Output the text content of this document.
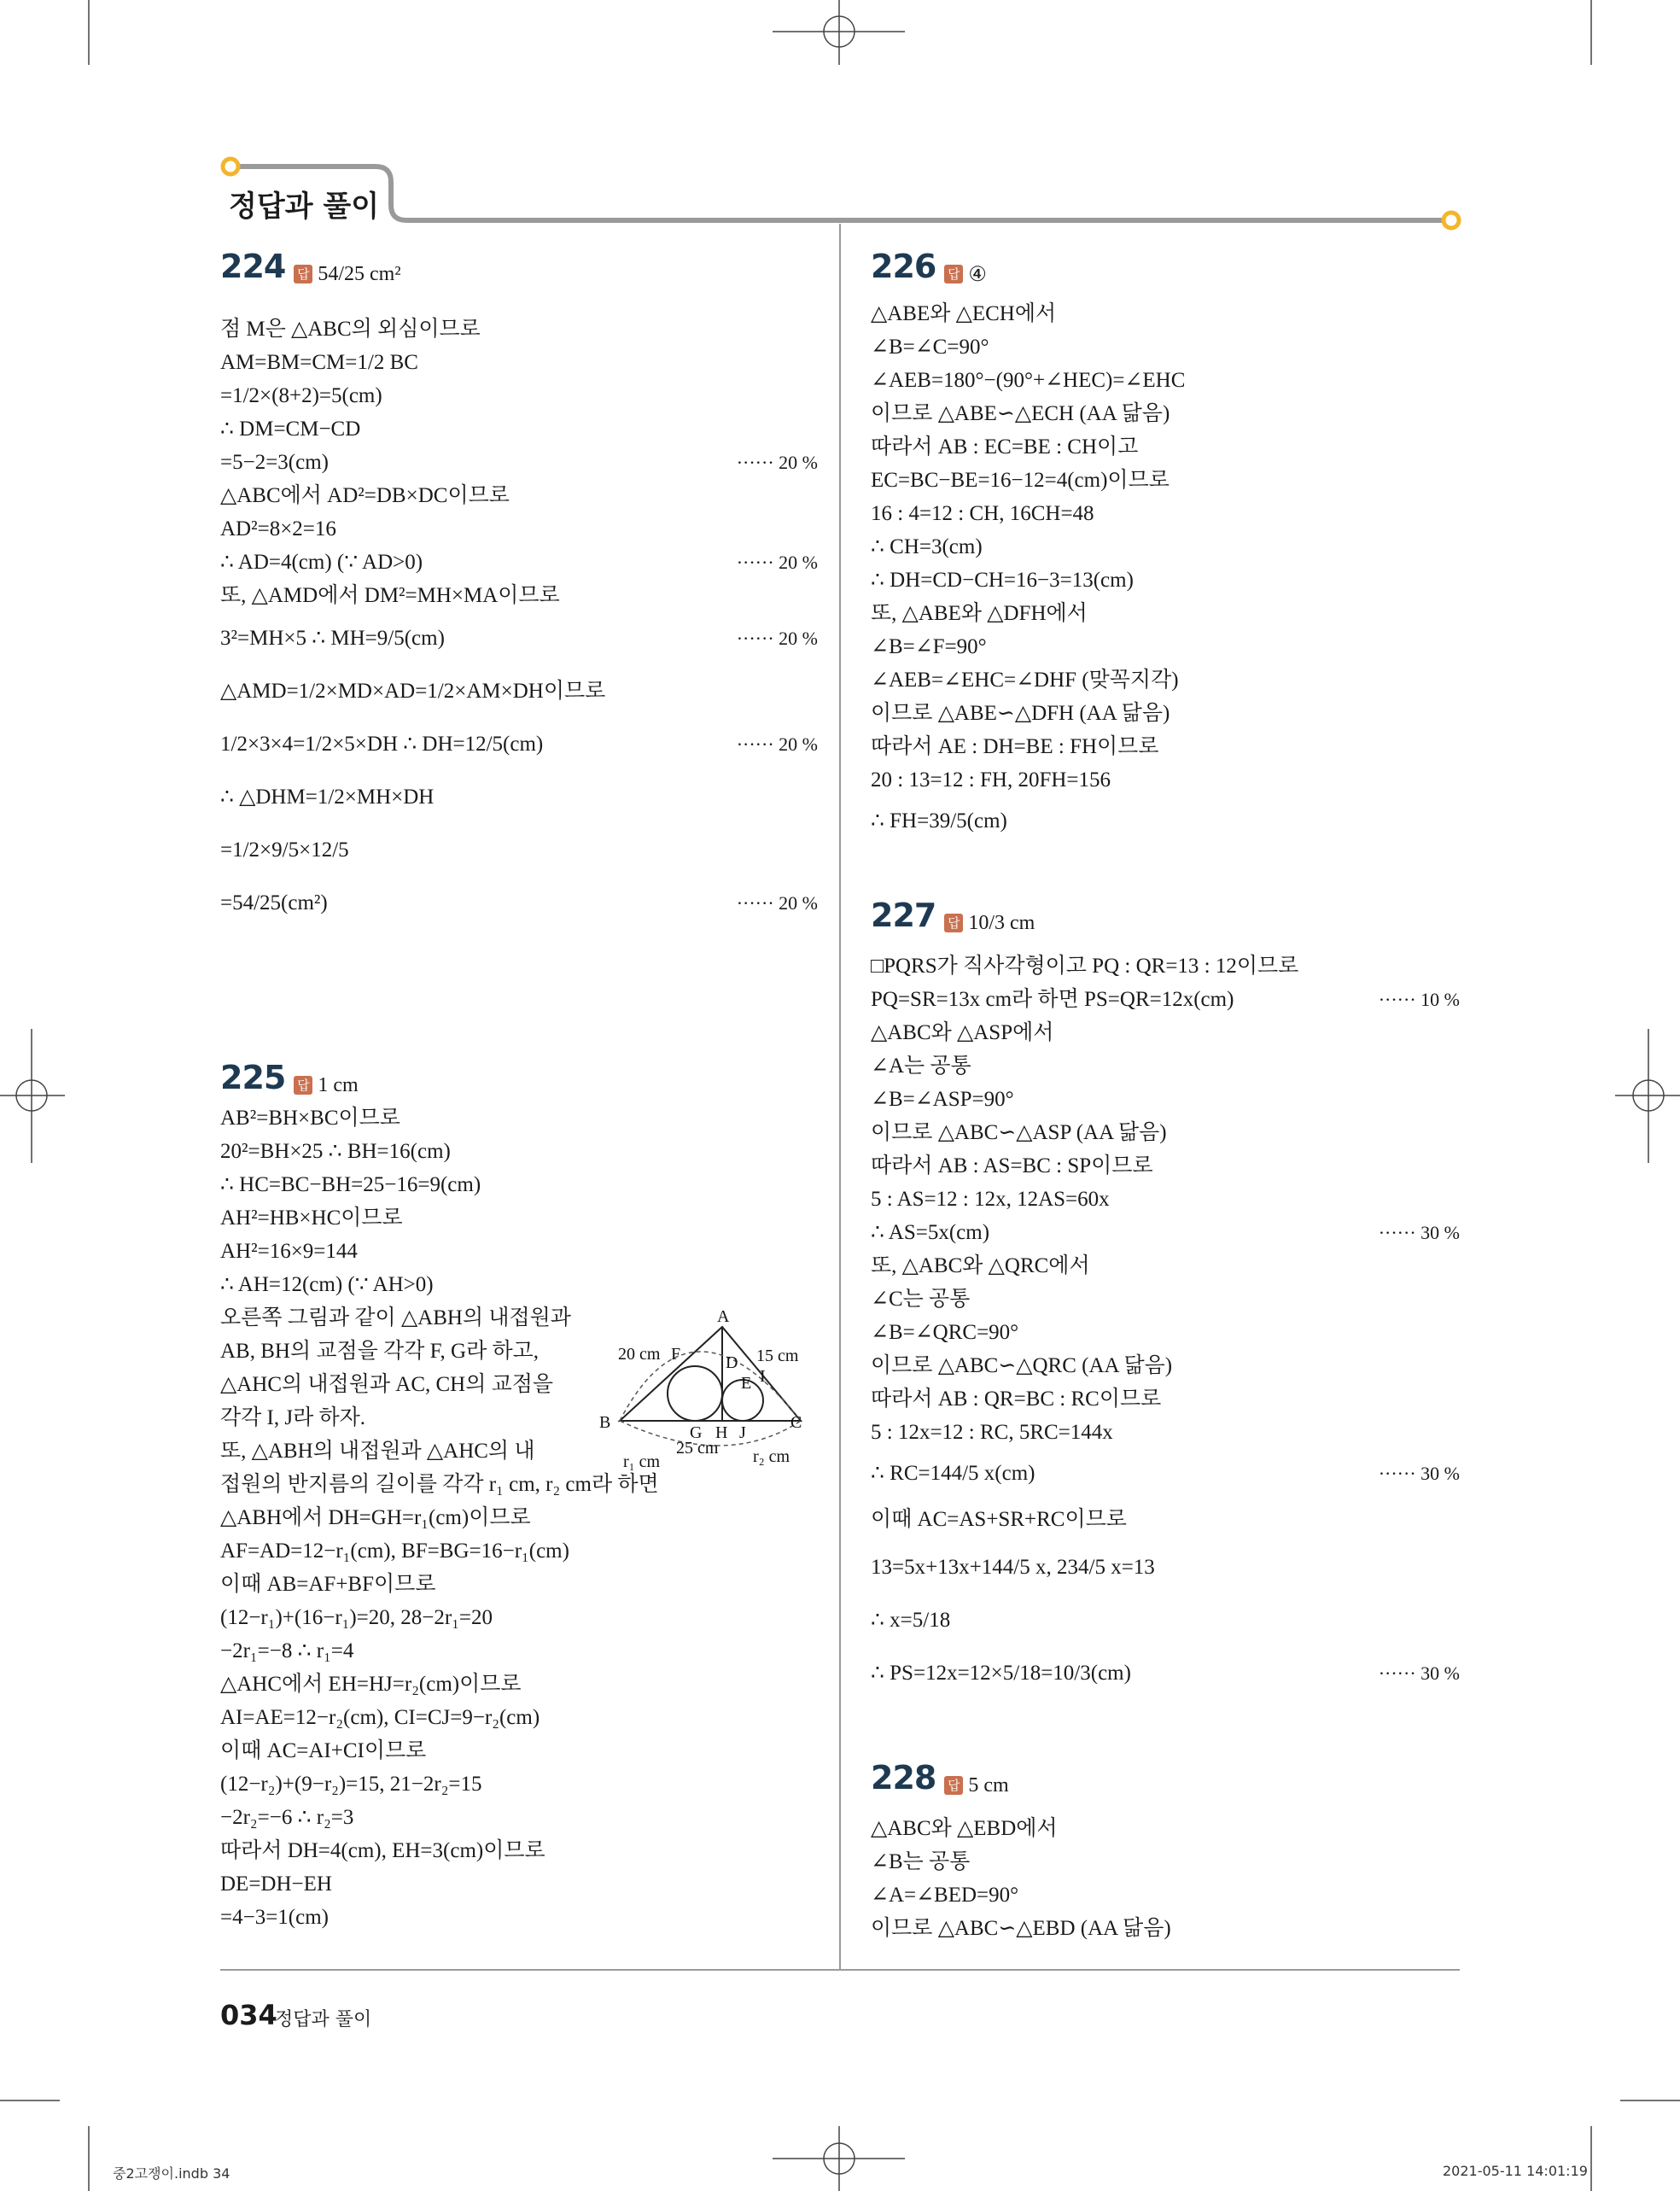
정답과 풀이
224 답 54/25 cm²
점 M은 △ABC의 외심이므로
AM=BM=CM=1/2 BC
=1/2×(8+2)=5(cm)
∴ DM=CM−CD
=5−2=3(cm)	······ 20 %
△ABC에서 AD²=DB×DC이므로
AD²=8×2=16
∴ AD=4(cm) (∵ AD>0)	······ 20 %
또, △AMD에서 DM²=MH×MA이므로
3²=MH×5 ∴ MH=9/5(cm)	······ 20 %
△AMD=1/2×MD×AD=1/2×AM×DH이므로
1/2×3×4=1/2×5×DH ∴ DH=12/5(cm)	······ 20 %
∴ △DHM=1/2×MH×DH
=1/2×9/5×12/5
=54/25(cm²)	······ 20 %
225 답 1 cm
AB²=BH×BC이므로
20²=BH×25 ∴ BH=16(cm)
∴ HC=BC−BH=25−16=9(cm)
AH²=HB×HC이므로
AH²=16×9=144
∴ AH=12(cm) (∵ AH>0)
오른쪽 그림과 같이 △ABH의 내접원과
AB, BH의 교점을 각각 F, G라 하고,
△AHC의 내접원과 AC, CH의 교점을
각각 I, J라 하자.
또, △ABH의 내접원과 △AHC의 내
접원의 반지름의 길이를 각각 r₁ cm, r₂ cm라 하면
△ABH에서 DH=GH=r₁(cm)이므로
AF=AD=12−r₁(cm), BF=BG=16−r₁(cm)
이때 AB=AF+BF이므로
(12−r₁)+(16−r₁)=20, 28−2r₁=20
−2r₁=−8 ∴ r₁=4
△AHC에서 EH=HJ=r₂(cm)이므로
AI=AE=12−r₂(cm), CI=CJ=9−r₂(cm)
이때 AC=AI+CI이므로
(12−r₂)+(9−r₂)=15, 21−2r₂=15
−2r₂=−6 ∴ r₂=3
따라서 DH=4(cm), EH=3(cm)이므로
DE=DH−EH
=4−3=1(cm)
A
B	C
D
E
F
G H
I
J
20 cm	15 cm
25 cm
r₁ cm	r₂ cm
226 답 ④
△ABE와 △ECH에서
∠B=∠C=90°
∠AEB=180°−(90°+∠HEC)=∠EHC
이므로 △ABE∽△ECH (AA 닮음)
따라서 AB : EC=BE : CH이고
EC=BC−BE=16−12=4(cm)이므로
16 : 4=12 : CH, 16CH=48
∴ CH=3(cm)
∴ DH=CD−CH=16−3=13(cm)
또, △ABE와 △DFH에서
∠B=∠F=90°
∠AEB=∠EHC=∠DHF (맞꼭지각)
이므로 △ABE∽△DFH (AA 닮음)
따라서 AE : DH=BE : FH이므로
20 : 13=12 : FH, 20FH=156
∴ FH=39/5(cm)
227 답 10/3 cm
□PQRS가 직사각형이고 PQ : QR=13 : 12이므로
PQ=SR=13x cm라 하면 PS=QR=12x(cm)	······ 10 %
△ABC와 △ASP에서
∠A는 공통
∠B=∠ASP=90°
이므로 △ABC∽△ASP (AA 닮음)
따라서 AB : AS=BC : SP이므로
5 : AS=12 : 12x, 12AS=60x
∴ AS=5x(cm)	······ 30 %
또, △ABC와 △QRC에서
∠C는 공통
∠B=∠QRC=90°
이므로 △ABC∽△QRC (AA 닮음)
따라서 AB : QR=BC : RC이므로
5 : 12x=12 : RC, 5RC=144x
∴ RC=144/5 x(cm)	······ 30 %
이때 AC=AS+SR+RC이므로
13=5x+13x+144/5 x, 234/5 x=13
∴ x=5/18
∴ PS=12x=12×5/18=10/3(cm)	······ 30 %
228 답 5 cm
△ABC와 △EBD에서
∠B는 공통
∠A=∠BED=90°
이므로 △ABC∽△EBD (AA 닮음)
034
정답과 풀이
중2고쟁이.indb 34	2021-05-11 14:01:19
